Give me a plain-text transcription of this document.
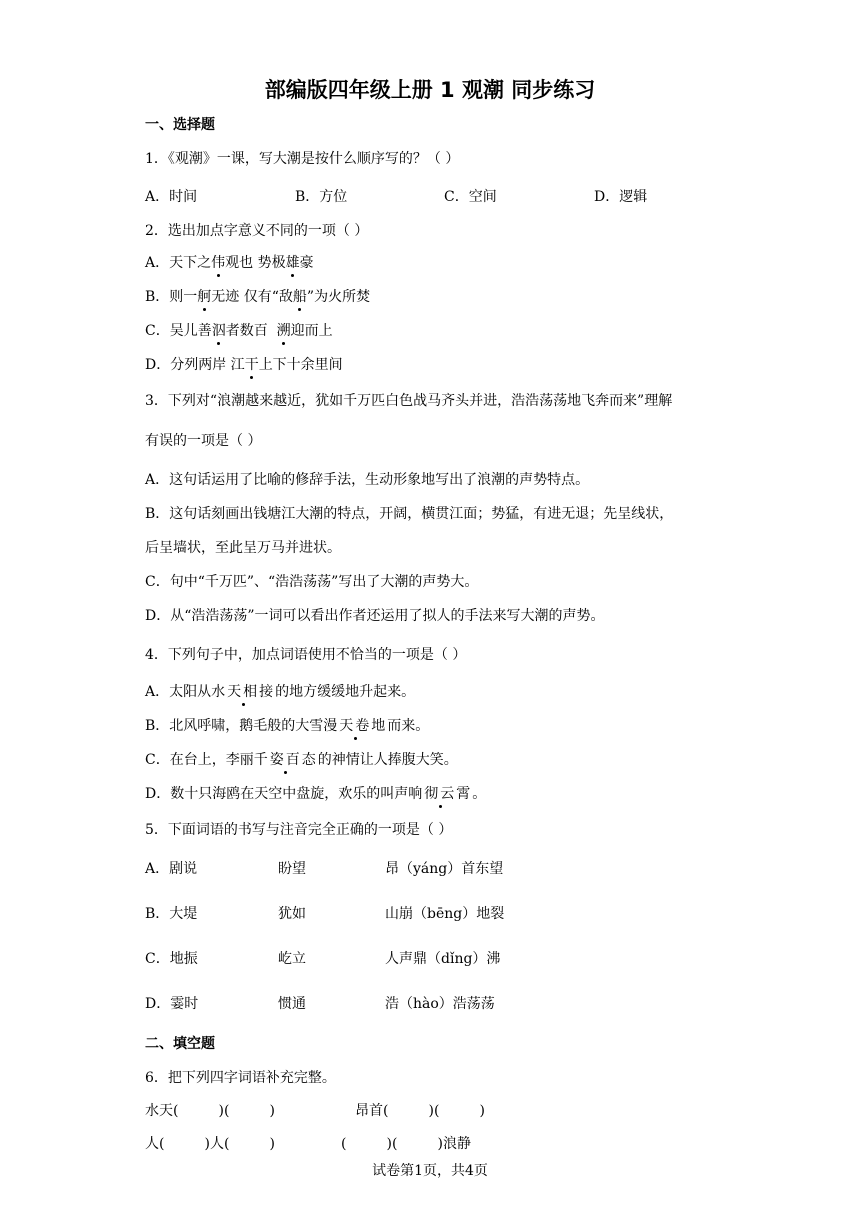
部编版四年级上册 1 观潮 同步练习
一、选择题
1．《观潮》一课，写大潮是按什么顺序写的？（ ）
A．时间	B．方位	C．空间	D．逻辑
2．选出加点字意义不同的一项（ ）
A．天下之伟观也 势极雄豪
B．则一舸无迹 仅有“敌船”为火所焚
C．吴儿善泅者数百  溯迎而上
D．分列两岸 江干上下十余里间
3．下列对“浪潮越来越近，犹如千万匹白色战马齐头并进，浩浩荡荡地飞奔而来”理解
有误的一项是（ ）
A．这句话运用了比喻的修辞手法，生动形象地写出了浪潮的声势特点。
B．这句话刻画出钱塘江大潮的特点，开阔，横贯江面；势猛，有进无退；先呈线状，
后呈墙状，至此呈万马并进状。
C．句中“千万匹”、“浩浩荡荡”写出了大潮的声势大。
D．从“浩浩荡荡”一词可以看出作者还运用了拟人的手法来写大潮的声势。
4．下列句子中，加点词语使用不恰当的一项是（ ）
A．太阳从水天相接的地方缓缓地升起来。
B．北风呼啸，鹅毛般的大雪漫天卷地而来。
C．在台上，李丽千姿百态的神情让人捧腹大笑。
D．数十只海鸥在天空中盘旋，欢乐的叫声响彻云霄。
5．下面词语的书写与注音完全正确的一项是（ ）
A．剧说	盼望	昂（yáng）首东望
B．大堤	犹如	山崩（bēng）地裂
C．地振	屹立	人声鼎（dǐng）沸
D．霎时	惯通	浩（hào）浩荡荡
二、填空题
6．把下列四字词语补充完整。
水天(         )(         )	昂首(         )(         )
人(         )人(         )	(         )(         )浪静
试卷第1页，共4页
